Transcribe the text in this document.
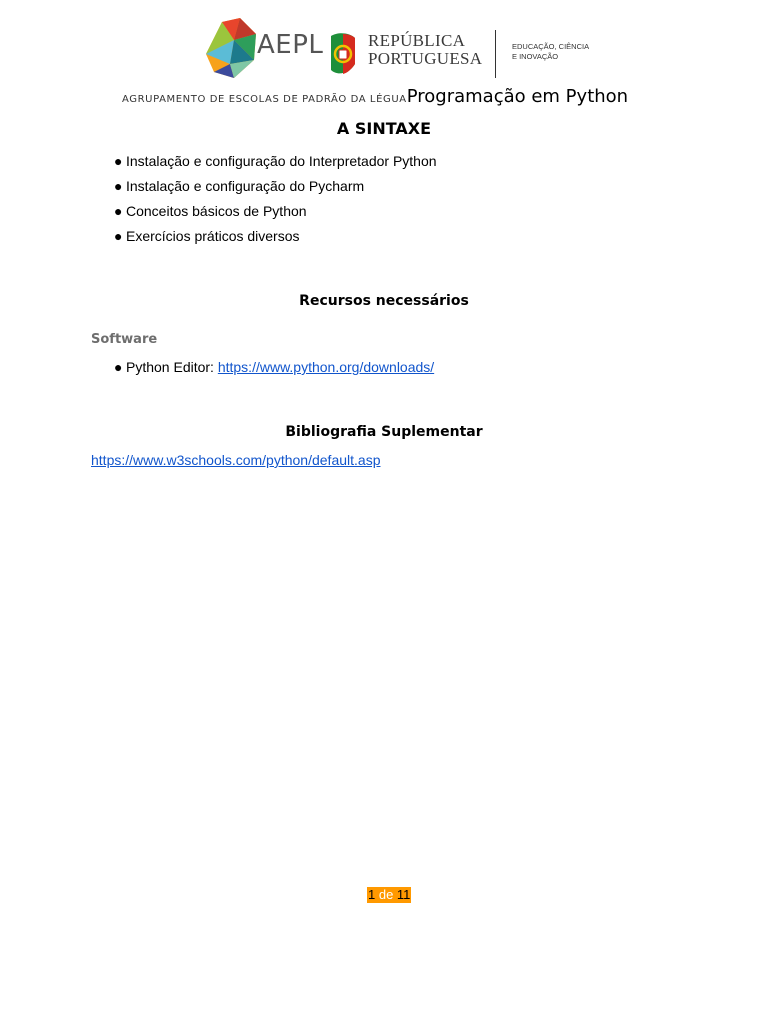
AEPL	REPÚBLICA
PORTUGUESA
EDUCAÇÃO, CIÊNCIA
E INOVAÇÃO
AGRUPAMENTO DE ESCOLAS DE PADRÃO DA LÉGUAProgramação em Python
A SINTAXE
● Instalação e configuração do Interpretador Python
● Instalação e configuração do Pycharm
● Conceitos básicos de Python
● Exercícios práticos diversos
Recursos necessários
Software
● Python Editor: https://www.python.org/downloads/
Bibliografia Suplementar
https://www.w3schools.com/python/default.asp
1 de 11
